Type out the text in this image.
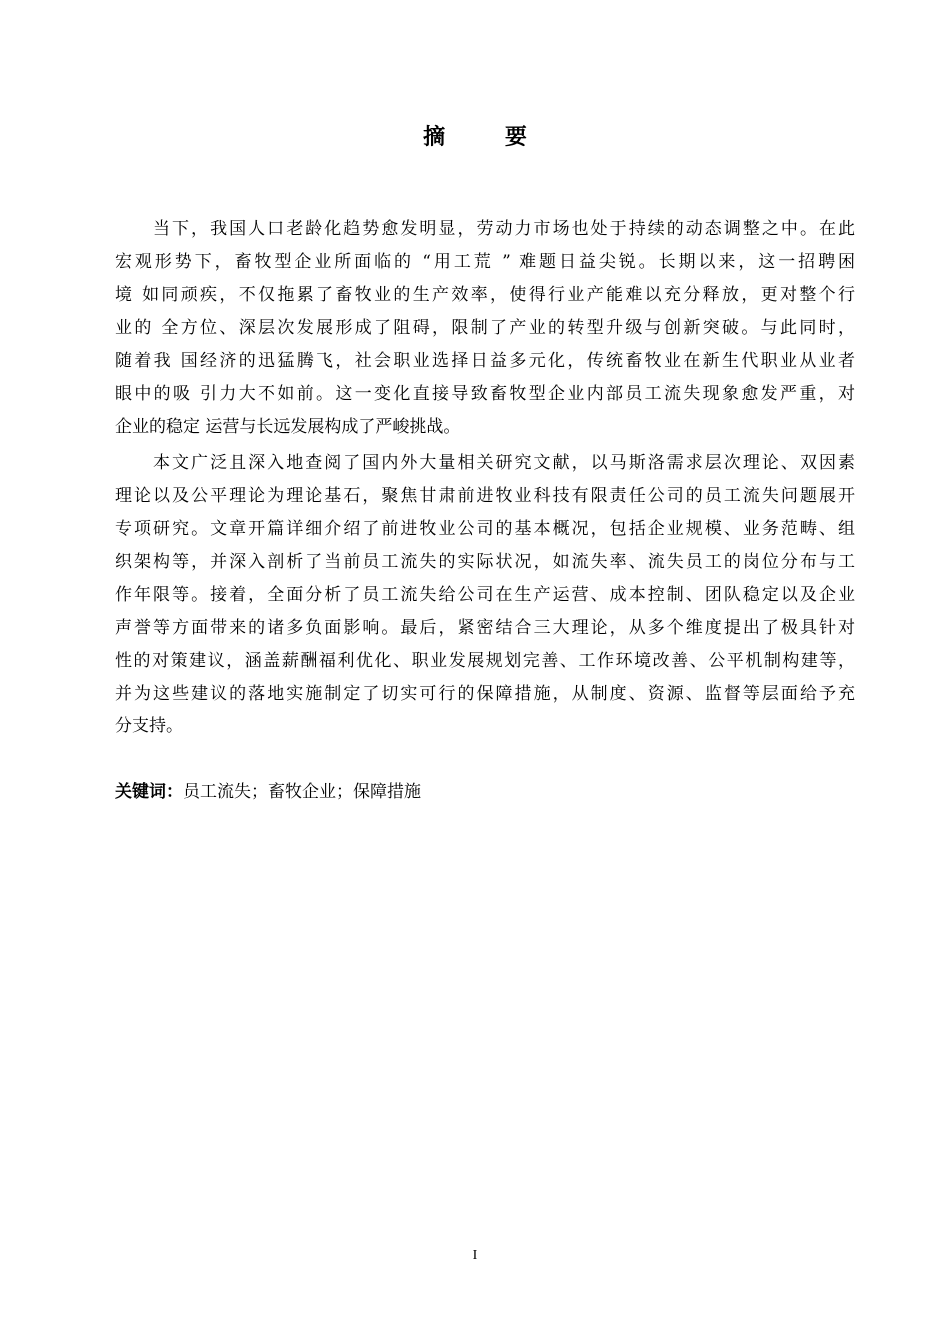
摘 要
当下，我国人口老龄化趋势愈发明显，劳动力市场也处于持续的动态调整之中。在此
宏观形势下，畜牧型企业所面临的 “用工荒 ” 难题日益尖锐。长期以来，这一招聘困
境 如同顽疾，不仅拖累了畜牧业的生产效率，使得行业产能难以充分释放，更对整个行
业的 全方位、深层次发展形成了阻碍，限制了产业的转型升级与创新突破。与此同时，
随着我 国经济的迅猛腾飞，社会职业选择日益多元化，传统畜牧业在新生代职业从业者
眼中的吸 引力大不如前。这一变化直接导致畜牧型企业内部员工流失现象愈发严重，对
企业的稳定 运营与长远发展构成了严峻挑战。
本文广泛且深入地查阅了国内外大量相关研究文献，以马斯洛需求层次理论、双因素
理论以及公平理论为理论基石，聚焦甘肃前进牧业科技有限责任公司的员工流失问题展开
专项研究。文章开篇详细介绍了前进牧业公司的基本概况，包括企业规模、业务范畴、组
织架构等，并深入剖析了当前员工流失的实际状况，如流失率、流失员工的岗位分布与工
作年限等。接着，全面分析了员工流失给公司在生产运营、成本控制、团队稳定以及企业
声誉等方面带来的诸多负面影响。最后，紧密结合三大理论，从多个维度提出了极具针对
性的对策建议，涵盖薪酬福利优化、职业发展规划完善、工作环境改善、公平机制构建等，
并为这些建议的落地实施制定了切实可行的保障措施，从制度、资源、监督等层面给予充
分支持。
关键词：员工流失；畜牧企业；保障措施
I
